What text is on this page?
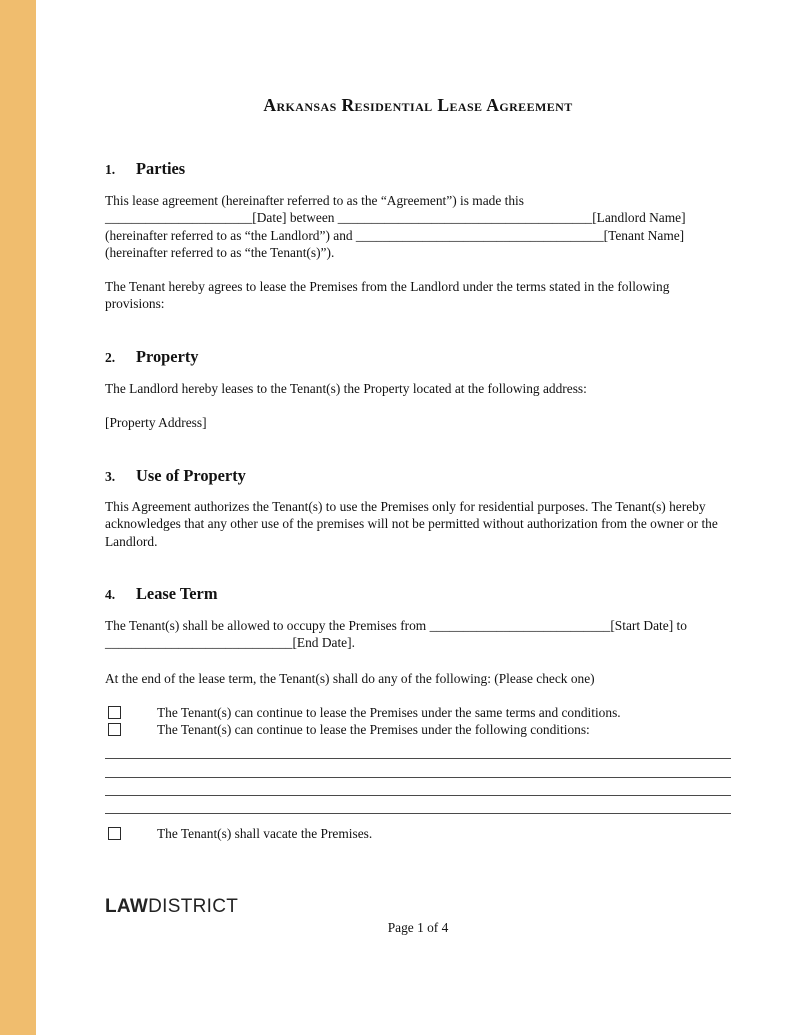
Arkansas Residential Lease Agreement
1. Parties
This lease agreement (hereinafter referred to as the “Agreement”) is made this
______________________[Date] between ______________________________________[Landlord Name]
(hereinafter referred to as “the Landlord”) and _____________________________________[Tenant Name]
(hereinafter referred to as “the Tenant(s)”).

The Tenant hereby agrees to lease the Premises from the Landlord under the terms stated in the following provisions:

2. Property

The Landlord hereby leases to the Tenant(s) the Property located at the following address:

[Property Address]

3. Use of Property

This Agreement authorizes the Tenant(s) to use the Premises only for residential purposes. The Tenant(s) hereby acknowledges that any other use of the premises will not be permitted without authorization from the owner or the Landlord.

4. Lease Term
The Tenant(s) shall be allowed to occupy the Premises from ___________________________[Start Date] to
____________________________[End Date].

At the end of the lease term, the Tenant(s) shall do any of the following: (Please check one)

The Tenant(s) can continue to lease the Premises under the same terms and conditions.
The Tenant(s) can continue to lease the Premises under the following conditions:
The Tenant(s) shall vacate the Premises.
LAWDISTRICT
Page 1 of 4
